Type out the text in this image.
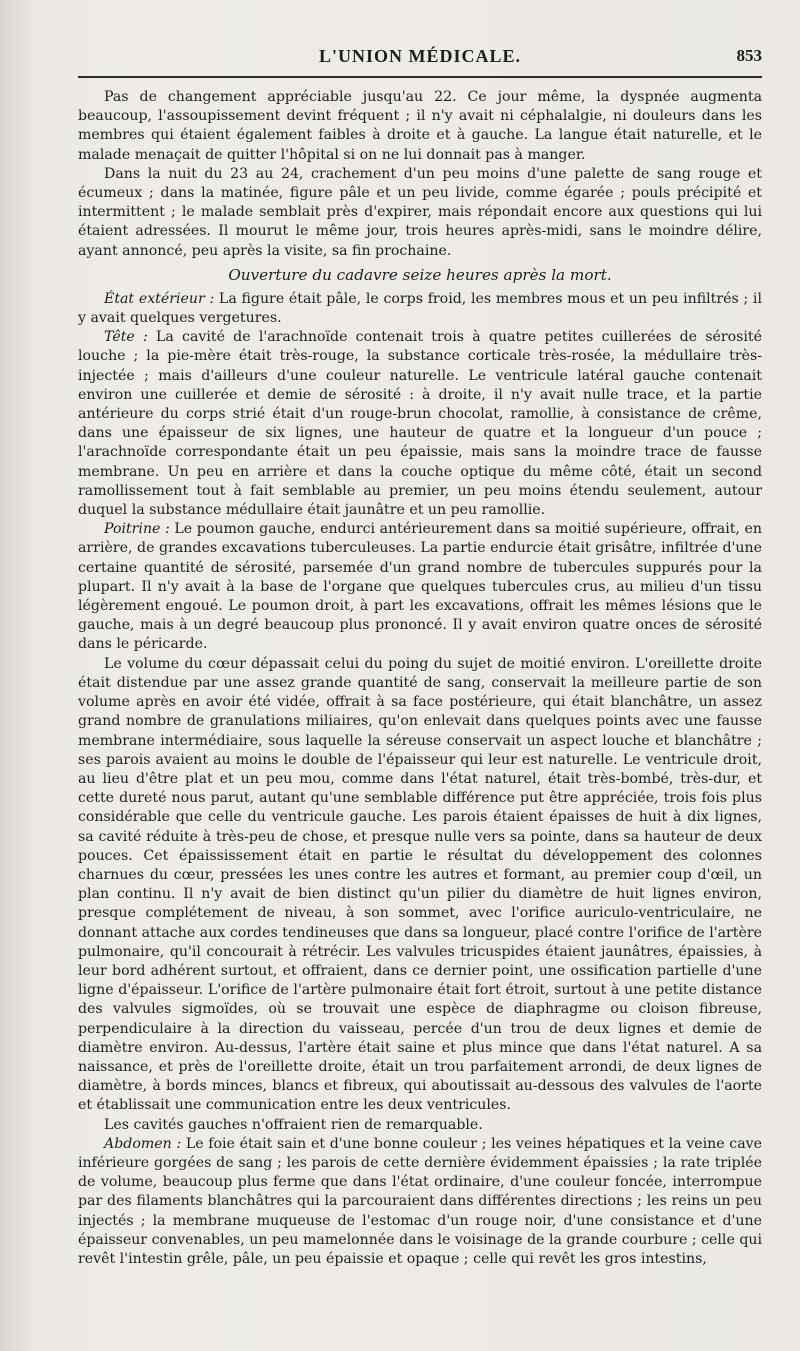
L'UNION MÉDICALE.	853

Pas de changement appréciable jusqu'au 22. Ce jour même, la dyspnée augmenta beaucoup, l'assoupissement devint fréquent ; il n'y avait ni céphalalgie, ni douleurs dans les membres qui étaient également faibles à droite et à gauche. La langue était naturelle, et le malade menaçait de quitter l'hôpital si on ne lui donnait pas à manger.

Dans la nuit du 23 au 24, crachement d'un peu moins d'une palette de sang rouge et écumeux ; dans la matinée, figure pâle et un peu livide, comme égarée ; pouls précipité et intermittent ; le malade semblait près d'expirer, mais répondait encore aux questions qui lui étaient adressées. Il mourut le même jour, trois heures après-midi, sans le moindre délire, ayant annoncé, peu après la visite, sa fin prochaine.

Ouverture du cadavre seize heures après la mort.

État extérieur : La figure était pâle, le corps froid, les membres mous et un peu infiltrés ; il y avait quelques vergetures.

Tête : La cavité de l'arachnoïde contenait trois à quatre petites cuillerées de sérosité louche ; la pie-mère était très-rouge, la substance corticale très-rosée, la médullaire très-injectée ; mais d'ailleurs d'une couleur naturelle. Le ventricule latéral gauche contenait environ une cuillerée et demie de sérosité : à droite, il n'y avait nulle trace, et la partie antérieure du corps strié était d'un rouge-brun chocolat, ramollie, à consistance de crême, dans une épaisseur de six lignes, une hauteur de quatre et la longueur d'un pouce ; l'arachnoïde correspondante était un peu épaissie, mais sans la moindre trace de fausse membrane. Un peu en arrière et dans la couche optique du même côté, était un second ramollissement tout à fait semblable au premier, un peu moins étendu seulement, autour duquel la substance médullaire était jaunâtre et un peu ramollie.

Poitrine : Le poumon gauche, endurci antérieurement dans sa moitié supérieure, offrait, en arrière, de grandes excavations tuberculeuses. La partie endurcie était grisâtre, infiltrée d'une certaine quantité de sérosité, parsemée d'un grand nombre de tubercules suppurés pour la plupart. Il n'y avait à la base de l'organe que quelques tubercules crus, au milieu d'un tissu légèrement engoué. Le poumon droit, à part les excavations, offrait les mêmes lésions que le gauche, mais à un degré beaucoup plus prononcé. Il y avait environ quatre onces de sérosité dans le péricarde.

Le volume du cœur dépassait celui du poing du sujet de moitié environ. L'oreillette droite était distendue par une assez grande quantité de sang, conservait la meilleure partie de son volume après en avoir été vidée, offrait à sa face postérieure, qui était blanchâtre, un assez grand nombre de granulations miliaires, qu'on enlevait dans quelques points avec une fausse membrane intermédiaire, sous laquelle la séreuse conservait un aspect louche et blanchâtre ; ses parois avaient au moins le double de l'épaisseur qui leur est naturelle. Le ventricule droit, au lieu d'être plat et un peu mou, comme dans l'état naturel, était très-bombé, très-dur, et cette dureté nous parut, autant qu'une semblable différence put être appréciée, trois fois plus considérable que celle du ventricule gauche. Les parois étaient épaisses de huit à dix lignes, sa cavité réduite à très-peu de chose, et presque nulle vers sa pointe, dans sa hauteur de deux pouces. Cet épaississement était en partie le résultat du développement des colonnes charnues du cœur, pressées les unes contre les autres et formant, au premier coup d'œil, un plan continu. Il n'y avait de bien distinct qu'un pilier du diamètre de huit lignes environ, presque complétement de niveau, à son sommet, avec l'orifice auriculo-ventriculaire, ne donnant attache aux cordes tendineuses que dans sa longueur, placé contre l'orifice de l'artère pulmonaire, qu'il concourait à rétrécir. Les valvules tricuspides étaient jaunâtres, épaissies, à leur bord adhérent surtout, et offraient, dans ce dernier point, une ossification partielle d'une ligne d'épaisseur. L'orifice de l'artère pulmonaire était fort étroit, surtout à une petite distance des valvules sigmoïdes, où se trouvait une espèce de diaphragme ou cloison fibreuse, perpendiculaire à la direction du vaisseau, percée d'un trou de deux lignes et demie de diamètre environ. Au-dessus, l'artère était saine et plus mince que dans l'état naturel. A sa naissance, et près de l'oreillette droite, était un trou parfaitement arrondi, de deux lignes de diamètre, à bords minces, blancs et fibreux, qui aboutissait au-dessous des valvules de l'aorte et établissait une communication entre les deux ventricules.

Les cavités gauches n'offraient rien de remarquable.

Abdomen : Le foie était sain et d'une bonne couleur ; les veines hépatiques et la veine cave inférieure gorgées de sang ; les parois de cette dernière évidemment épaissies ; la rate triplée de volume, beaucoup plus ferme que dans l'état ordinaire, d'une couleur foncée, interrompue par des filaments blanchâtres qui la parcouraient dans différentes directions ; les reins un peu injectés ; la membrane muqueuse de l'estomac d'un rouge noir, d'une consistance et d'une épaisseur convenables, un peu mamelonnée dans le voisinage de la grande courbure ; celle qui revêt l'intestin grêle, pâle, un peu épaissie et opaque ; celle qui revêt les gros intestins,
